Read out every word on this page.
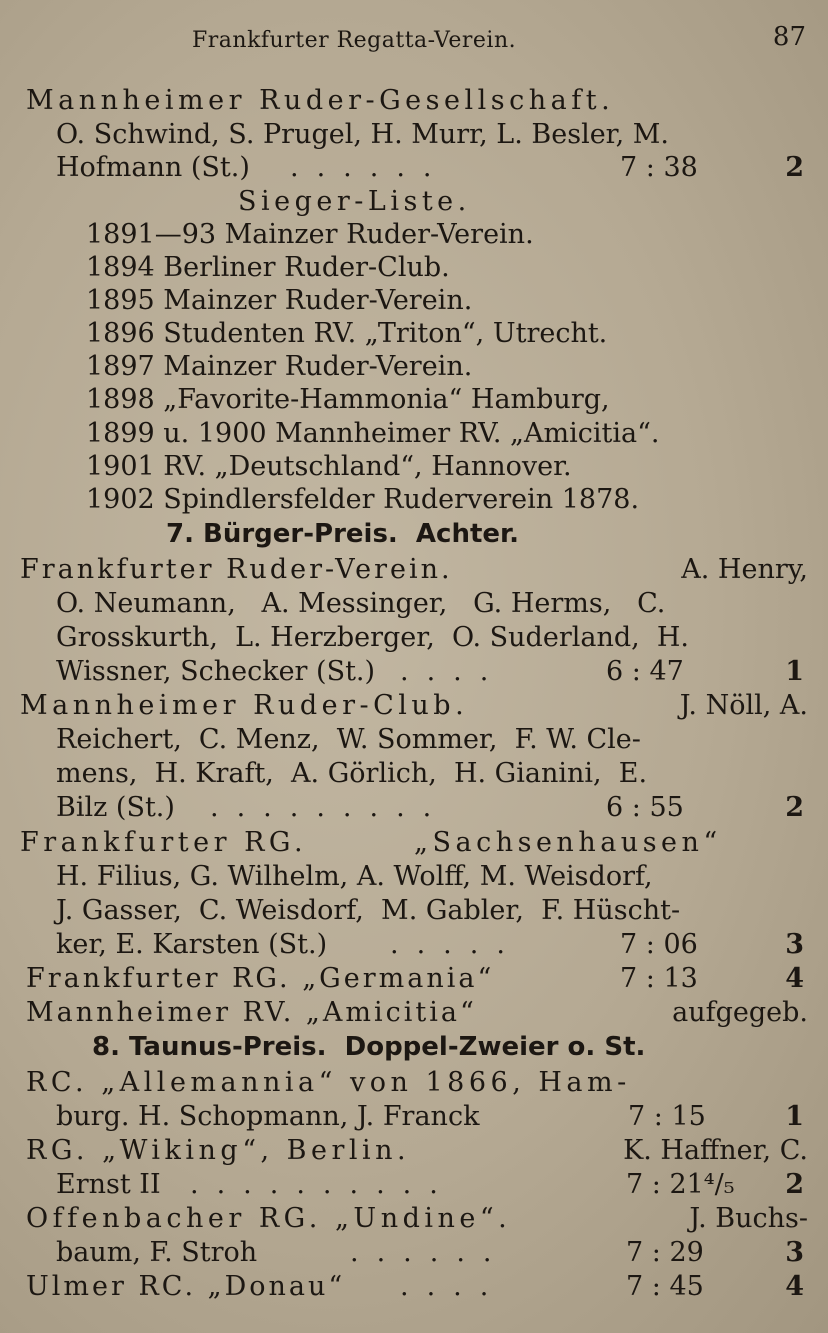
Frankfurter Regatta-Verein.	87
Mannheimer Ruder-Gesellschaft.
O. Schwind, S. Prugel, H. Murr, L. Besler, M.
Hofmann (St.) ......	7 : 38	2
Sieger-Liste.
1891—93 Mainzer Ruder-Verein.
1894 Berliner Ruder-Club.
1895 Mainzer Ruder-Verein.
1896 Studenten RV. „Triton“, Utrecht.
1897 Mainzer Ruder-Verein.
1898 „Favorite-Hammonia“ Hamburg,
1899 u. 1900 Mannheimer RV. „Amicitia“.
1901 RV. „Deutschland“, Hannover.
1902 Spindlersfelder Ruderverein 1878.
7. Bürger-Preis.  Achter.
Frankfurter Ruder-Verein.	A. Henry,
O. Neumann,   A. Messinger,   G. Herms,   C.
Grosskurth,  L. Herzberger,  O. Suderland,  H.
Wissner, Schecker (St.) ....	6 : 47	1
Mannheimer Ruder-Club.	J. Nöll, A.
Reichert,  C. Menz,  W. Sommer,  F. W. Cle-
mens,  H. Kraft,  A. Görlich,  H. Gianini,  E.
Bilz (St.) .........	6 : 55	2
Frankfurter RG.	„Sachsenhausen“
H. Filius, G. Wilhelm, A. Wolff, M. Weisdorf,
J. Gasser,  C. Weisdorf,  M. Gabler,  F. Hüscht-
ker, E. Karsten (St.) .....	7 : 06	3
Frankfurter RG. „Germania“	7 : 13	4
Mannheimer RV. „Amicitia“	aufgegeb.
8. Taunus-Preis.  Doppel-Zweier o. St.
RC. „Allemannia“ von 1866, Ham-
burg. H. Schopmann, J. Franck	7 : 15	1
RG. „Wiking“, Berlin.	K. Haffner, C.
Ernst II ..........	7 : 21⁴/₅ 2
Offenbacher RG. „Undine“.	J. Buchs-
baum, F. Stroh	......	7 : 29	3
Ulmer RC. „Donau“ ....	7 : 45	4
